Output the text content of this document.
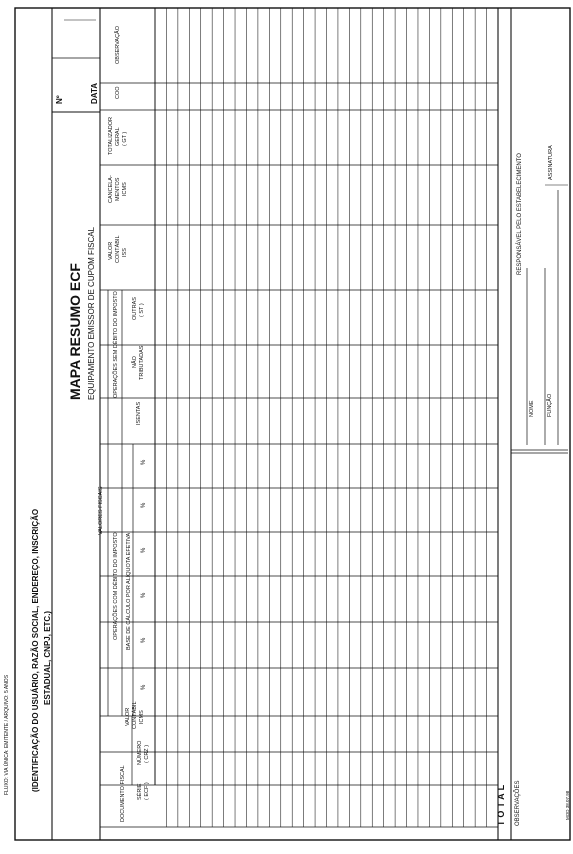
FLUXO: VIA ÚNICA: EMITENTE / ARQUIVO: 5 ANOS	(IDENTIFICAÇÃO DO USUÁRIO, RAZÃO SOCIAL, ENDEREÇO, INSCRIÇÃO ESTADUAL, CNPJ, ETC.)
MAPA RESUMO ECF EQUIPAMENTO EMISSOR DE CUPOM FISCAL
Nº	DATA
DOCUMENTO FISCAL SÉRIE ( ECF )
NÚMERO ( CRZ )
VALOR CONTÁBIL ICMS
VALORES FISCAIS
OPERAÇÕES COM DÉBITO DO IMPOSTO BASE DE CÁLCULO POR ALÍQUOTA EFETIVA
%
%
%
%
%
%
OPERAÇÕES SEM DÉBITO DO IMPOSTO
ISENTAS
NÃO TRIBUTADAS
OUTRAS ( ST )
VALOR CONTÁBIL ISS
CANCELA- MENTOS ICMS
TOTALIZADOR GERAL ( GT )
COO
OBSERVAÇÃO
TOTAL OBSERVAÇÕES
RESPONSÁVEL PELO ESTABELECIMENTO
NOME FUNÇÃO
ASSINATURA
MOD 38.07.98
